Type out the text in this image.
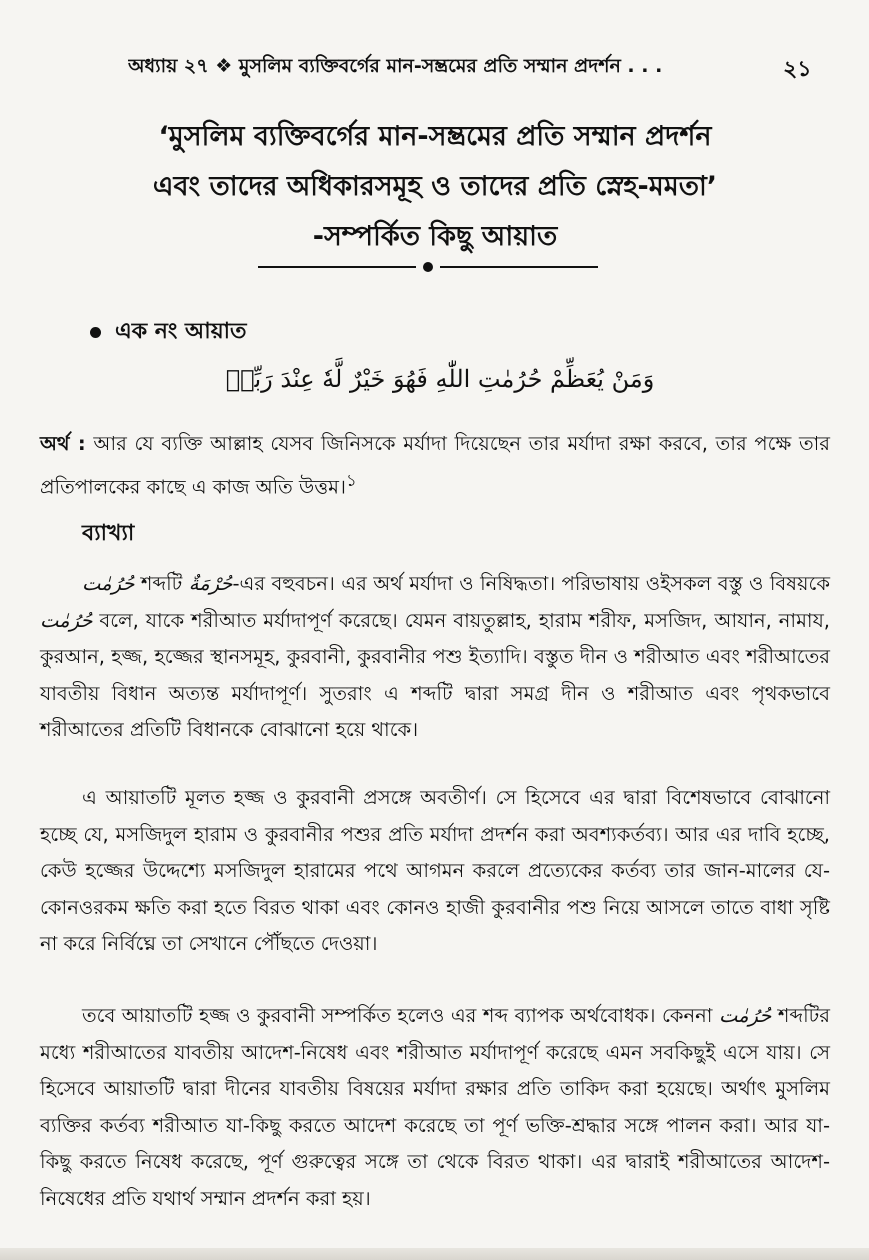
অধ্যায় ২৭ ❖ মুসলিম ব্যক্তিবর্গের মান-সম্ভ্রমের প্রতি সম্মান প্রদর্শন . . .	২১
‘মুসলিম ব্যক্তিবর্গের মান-সম্ভ্রমের প্রতি সম্মান প্রদর্শন
এবং তাদের অধিকারসমূহ ও তাদের প্রতি স্নেহ-মমতা’
-সম্পর্কিত কিছু আয়াত
এক নং আয়াত
وَمَنْ يُعَظِّمْ حُرُمٰتِ اللّٰهِ فَهُوَ خَيْرٌ لَّهٗ عِنْدَ رَبِّهٖ
অর্থ : আর যে ব্যক্তি আল্লাহ যেসব জিনিসকে মর্যাদা দিয়েছেন তার মর্যাদা রক্ষা করবে, তার পক্ষে তার প্রতিপালকের কাছে এ কাজ অতি উত্তম।$^১$
ব্যাখ্যা
حُرُمٰت শব্দটি حُرْمَةٌ-এর বহুবচন। এর অর্থ মর্যাদা ও নিষিদ্ধতা। পরিভাষায় ওইসকল বস্তু ও বিষয়কে حُرُمٰت বলে, যাকে শরীআত মর্যাদাপূর্ণ করেছে। যেমন বায়তুল্লাহ, হারাম শরীফ, মসজিদ, আযান, নামায, কুরআন, হজ্জ, হজ্জের স্থানসমূহ, কুরবানী, কুরবানীর পশু ইত্যাদি। বস্তুত দীন ও শরীআত এবং শরীআতের যাবতীয় বিধান অত্যন্ত মর্যাদাপূর্ণ। সুতরাং এ শব্দটি দ্বারা সমগ্র দীন ও শরীআত এবং পৃথকভাবে শরীআতের প্রতিটি বিধানকে বোঝানো হয়ে থাকে।
এ আয়াতটি মূলত হজ্জ ও কুরবানী প্রসঙ্গে অবতীর্ণ। সে হিসেবে এর দ্বারা বিশেষভাবে বোঝানো হচ্ছে যে, মসজিদুল হারাম ও কুরবানীর পশুর প্রতি মর্যাদা প্রদর্শন করা অবশ্যকর্তব্য। আর এর দাবি হচ্ছে, কেউ হজ্জের উদ্দেশ্যে মসজিদুল হারামের পথে আগমন করলে প্রত্যেকের কর্তব্য তার জান-মালের যে-কোনওরকম ক্ষতি করা হতে বিরত থাকা এবং কোনও হাজী কুরবানীর পশু নিয়ে আসলে তাতে বাধা সৃষ্টি না করে নির্বিঘ্নে তা সেখানে পৌঁছতে দেওয়া।
তবে আয়াতটি হজ্জ ও কুরবানী সম্পর্কিত হলেও এর শব্দ ব্যাপক অর্থবোধক। কেননা حُرُمٰت শব্দটির মধ্যে শরীআতের যাবতীয় আদেশ-নিষেধ এবং শরীআত মর্যাদাপূর্ণ করেছে এমন সবকিছুই এসে যায়। সে হিসেবে আয়াতটি দ্বারা দীনের যাবতীয় বিষয়ের মর্যাদা রক্ষার প্রতি তাকিদ করা হয়েছে। অর্থাৎ মুসলিম ব্যক্তির কর্তব্য শরীআত যা-কিছু করতে আদেশ করেছে তা পূর্ণ ভক্তি-শ্রদ্ধার সঙ্গে পালন করা। আর যা-কিছু করতে নিষেধ করেছে, পূর্ণ গুরুত্বের সঙ্গে তা থেকে বিরত থাকা। এর দ্বারাই শরীআতের আদেশ-নিষেধের প্রতি যথার্থ সম্মান প্রদর্শন করা হয়।
